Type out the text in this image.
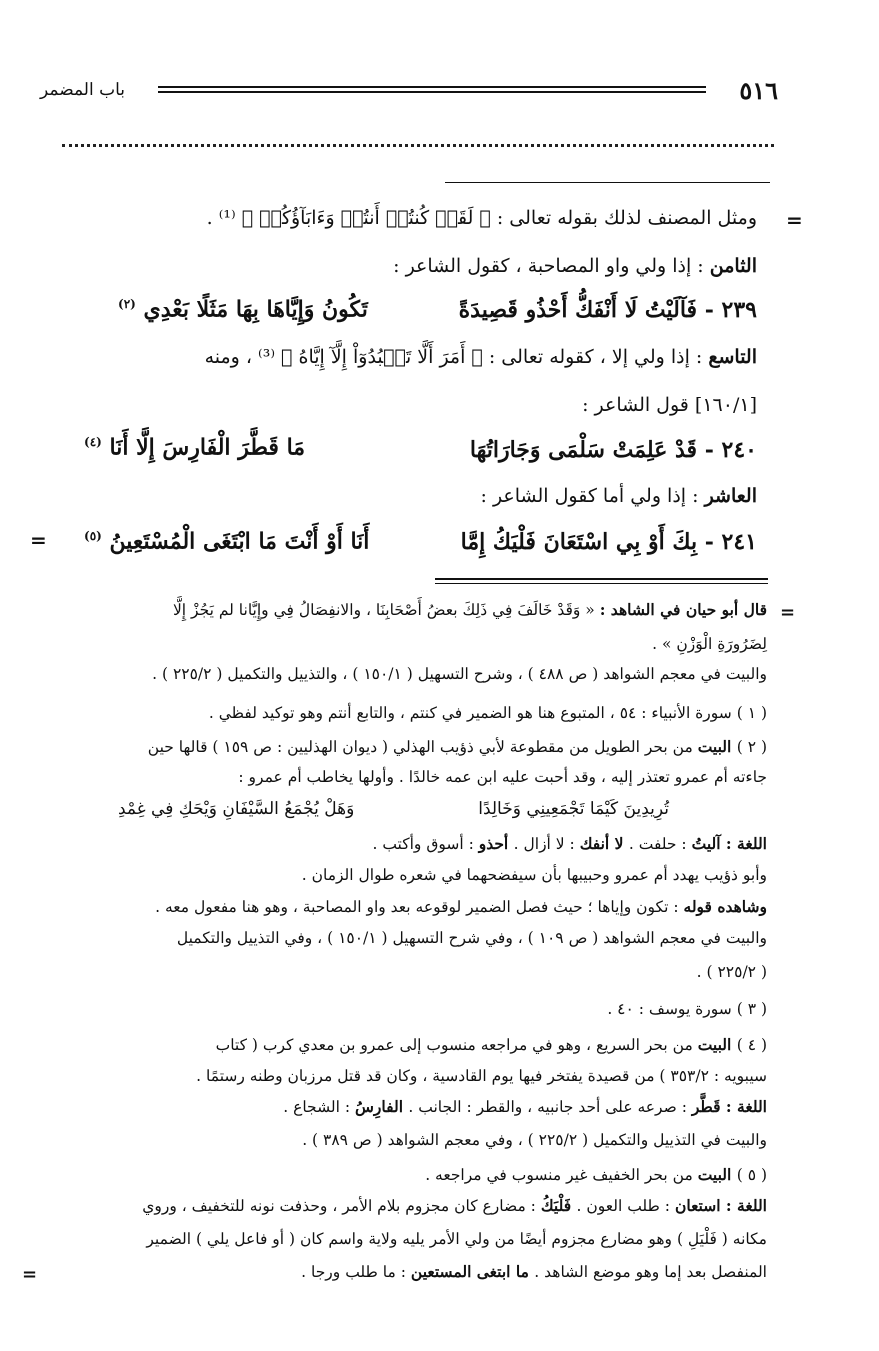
٥١٦
باب المضمر
=
ومثل المصنف لذلك بقوله تعالى : ﴿ لَقَدۡ كُنتُمۡ أَنتُمۡ وَءَابَآؤُكُمۡ ﴾ ⁽¹⁾ .
الثامن : إذا ولي واو المصاحبة ، كقول الشاعر :
٢٣٩ - فَآلَيْتُ لَا أَنْفَكُّ أَحْذُو قَصِيدَةً
تَكُونُ وَإِيَّاهَا بِهَا مَثَلًا بَعْدِي $^{(٢)}$
التاسع : إذا ولي إلا ، كقوله تعالى : ﴿ أَمَرَ أَلَّا تَعۡبُدُوٓاْ إِلَّآ إِيَّاهُ ﴾ ⁽³⁾ ، ومنه
[١٦٠/١] قول الشاعر :
٢٤٠ - قَدْ عَلِمَتْ سَلْمَى وَجَارَاتُهَا
مَا قَطَّرَ الْفَارِسَ إِلَّا أَنَا $^{(٤)}$
العاشر : إذا ولي أما كقول الشاعر :
٢٤١ - بِكَ أَوْ بِي اسْتَعَانَ فَلْيَكُ إِمَّا
أَنَا أَوْ أَنْتَ مَا ابْتَغَى الْمُسْتَعِينُ $^{(٥)}$
=
=
قال أبو حيان في الشاهد : « وَقَدْ خَالَفَ فِي ذَلِكَ بعضُ أَصْحَابِنَا ، والانفِصَالُ فِي وإِيَّانا لم يَجُزْ إِلَّا
لِضَرُورَةِ الْوَزْنِ » .
والبيت في معجم الشواهد ( ص ٤٨٨ ) ، وشرح التسهيل ( ١٥٠/١ ) ، والتذييل والتكميل ( ٢٢٥/٢ ) .
( ١ ) سورة الأنبياء : ٥٤ ، المتبوع هنا هو الضمير في كنتم ، والتابع أنتم وهو توكيد لفظي .
( ٢ ) البيت من بحر الطويل من مقطوعة لأبي ذؤيب الهذلي ( ديوان الهذليين : ص ١٥٩ ) قالها حين
جاءته أم عمرو تعتذر إليه ، وقد أحبت عليه ابن عمه خالدًا . وأولها يخاطب أم عمرو :
تُرِيدِينَ كَيْمَا تَجْمَعِينِي وَخَالِدًا
وَهَلْ يُجْمَعُ السَّيْفَانِ وَيْحَكِ فِي غِمْدِ
اللغة : آليتُ : حلفت . لا أنفك : لا أزال . أحذو : أسوق وأكتب .
وأبو ذؤيب يهدد أم عمرو وحبيبها بأن سيفضحهما في شعره طوال الزمان .
وشاهده قوله : تكون وإياها ؛ حيث فصل الضمير لوقوعه بعد واو المصاحبة ، وهو هنا مفعول معه .
والبيت في معجم الشواهد ( ص ١٠٩ ) ، وفي شرح التسهيل ( ١٥٠/١ ) ، وفي التذييل والتكميل
( ٢٢٥/٢ ) .
( ٣ ) سورة يوسف : ٤٠ .
( ٤ ) البيت من بحر السريع ، وهو في مراجعه منسوب إلى عمرو بن معدي كرب ( كتاب
سيبويه : ٣٥٣/٢ ) من قصيدة يفتخر فيها يوم القادسية ، وكان قد قتل مرزبان وطنه رستمًا .
اللغة : قَطَّر : صرعه على أحد جانبيه ، والقطر : الجانب . الفارِسُ : الشجاع .
والبيت في التذييل والتكميل ( ٢٢٥/٢ ) ، وفي معجم الشواهد ( ص ٣٨٩ ) .
( ٥ ) البيت من بحر الخفيف غير منسوب في مراجعه .
اللغة : استعان : طلب العون . فَلْيَكُ : مضارع كان مجزوم بلام الأمر ، وحذفت نونه للتخفيف ، وروي
مكانه ( فَلْيَلِ ) وهو مضارع مجزوم أيضًا من ولي الأمر يليه ولاية واسم كان ( أو فاعل يلي ) الضمير
=	المنفصل بعد إما وهو موضع الشاهد . ما ابتغى المستعين : ما طلب ورجا .
